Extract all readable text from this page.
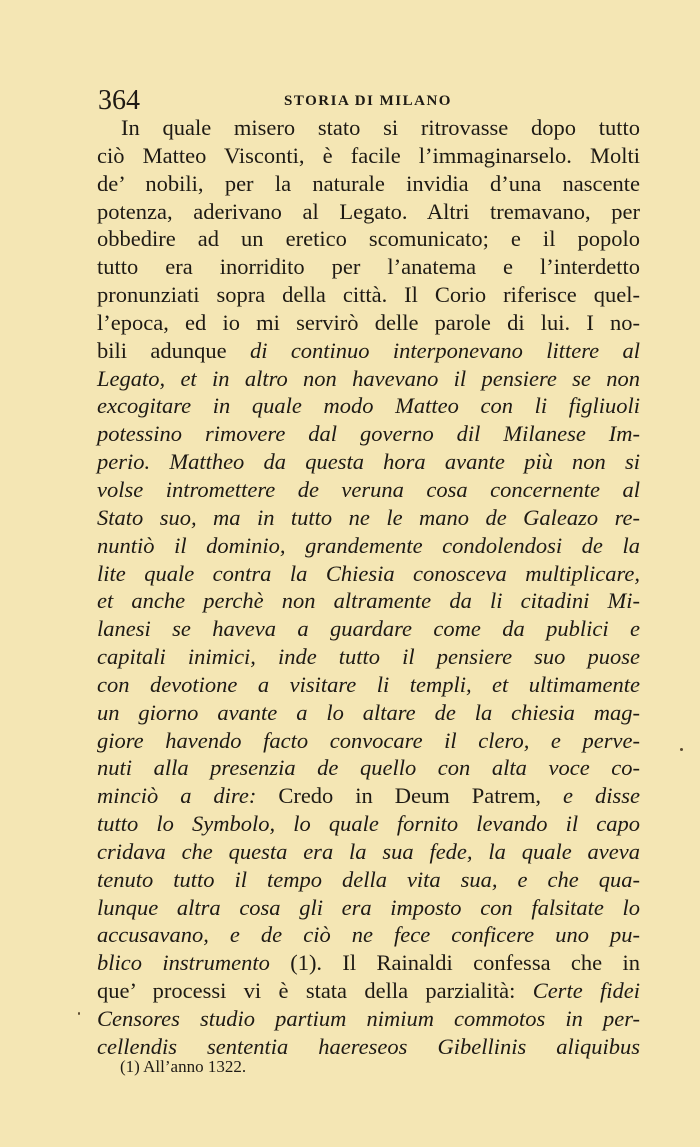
364	STORIA DI MILANO
In quale misero stato si ritrovasse dopo tutto
ciò Matteo Visconti, è facile l’immaginarselo. Molti
de’ nobili, per la naturale invidia d’una nascente
potenza, aderivano al Legato. Altri tremavano, per
obbedire ad un eretico scomunicato; e il popolo
tutto era inorridito per l’anatema e l’interdetto
pronunziati sopra della città. Il Corio riferisce quel-
l’epoca, ed io mi servirò delle parole di lui. I no-
bili adunque di continuo interponevano littere al
Legato, et in altro non havevano il pensiere se non
excogitare in quale modo Matteo con li figliuoli
potessino rimovere dal governo dil Milanese Im-
perio. Mattheo da questa hora avante più non si
volse intromettere de veruna cosa concernente al
Stato suo, ma in tutto ne le mano de Galeazo re-
nuntiò il dominio, grandemente condolendosi de la
lite quale contra la Chiesia conosceva multiplicare,
et anche perchè non altramente da li citadini Mi-
lanesi se haveva a guardare come da publici e
capitali inimici, inde tutto il pensiere suo puose
con devotione a visitare li templi, et ultimamente
un giorno avante a lo altare de la chiesia mag-
giore havendo facto convocare il clero, e perve-
nuti alla presenzia de quello con alta voce co-
minciò a dire: Credo in Deum Patrem, e disse
tutto lo Symbolo, lo quale fornito levando il capo
cridava che questa era la sua fede, la quale aveva
tenuto tutto il tempo della vita sua, e che qua-
lunque altra cosa gli era imposto con falsitate lo
accusavano, e de ciò ne fece conficere uno pu-
blico instrumento (1). Il Rainaldi confessa che in
que’ processi vi è stata della parzialità: Certe fidei
Censores studio partium nimium commotos in per-
cellendis sententia haereseos Gibellinis aliquibus
(1) All’anno 1322.
